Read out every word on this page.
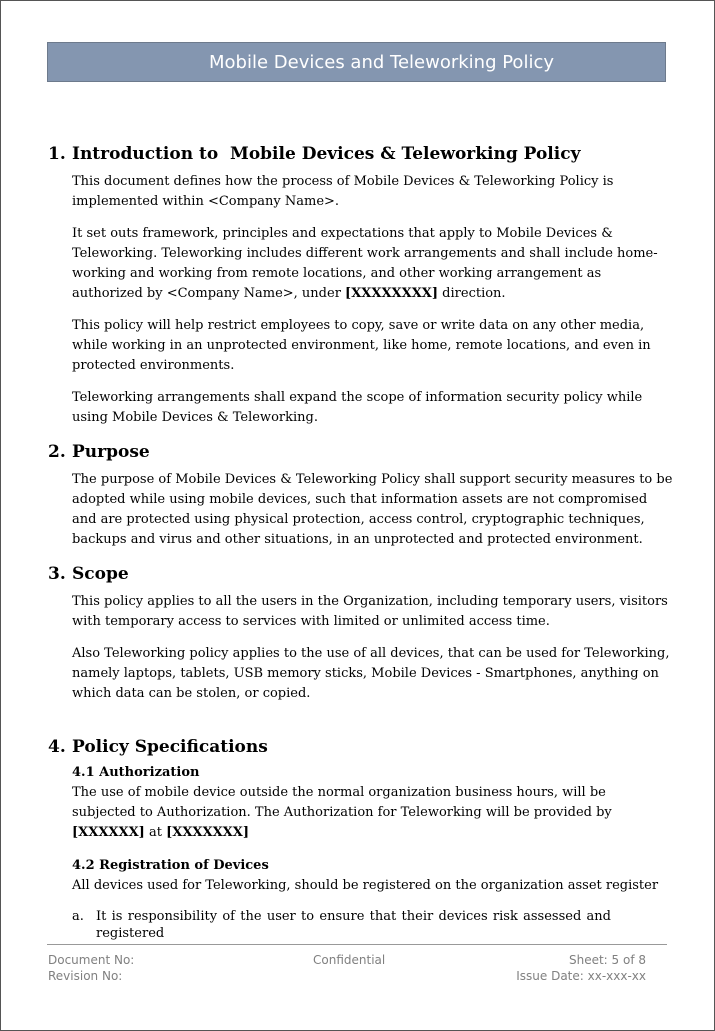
Mobile Devices and Teleworking Policy
1. Introduction to  Mobile Devices & Teleworking Policy

This document defines how the process of Mobile Devices & Teleworking Policy is implemented within <Company Name>.

It set outs framework, principles and expectations that apply to Mobile Devices & Teleworking. Teleworking includes different work arrangements and shall include home-working and working from remote locations, and other working arrangement as authorized by <Company Name>, under [XXXXXXXX] direction.

This policy will help restrict employees to copy, save or write data on any other media, while working in an unprotected environment, like home, remote locations, and even in protected environments.

Teleworking arrangements shall expand the scope of information security policy while using Mobile Devices & Teleworking.

2. Purpose

The purpose of Mobile Devices & Teleworking Policy shall support security measures to be adopted while using mobile devices, such that information assets are not compromised and are protected using physical protection, access control, cryptographic techniques, backups and virus and other situations, in an unprotected and protected environment.

3. Scope

This policy applies to all the users in the Organization, including temporary users, visitors with temporary access to services with limited or unlimited access time.

Also Teleworking policy applies to the use of all devices, that can be used for Teleworking, namely laptops, tablets, USB memory sticks, Mobile Devices - Smartphones, anything on which data can be stolen, or copied.

4. Policy Specifications
4.1 Authorization

The use of mobile device outside the normal organization business hours, will be subjected to Authorization. The Authorization for Teleworking will be provided by [XXXXXX] at [XXXXXXX]

4.2 Registration of Devices

All devices used for Teleworking, should be registered on the organization asset register

a. It is responsibility of the user to ensure that their devices risk assessed and registered
Document No:
Revision No:
Confidential	Sheet: 5 of 8
Issue Date: xx-xxx-xx
